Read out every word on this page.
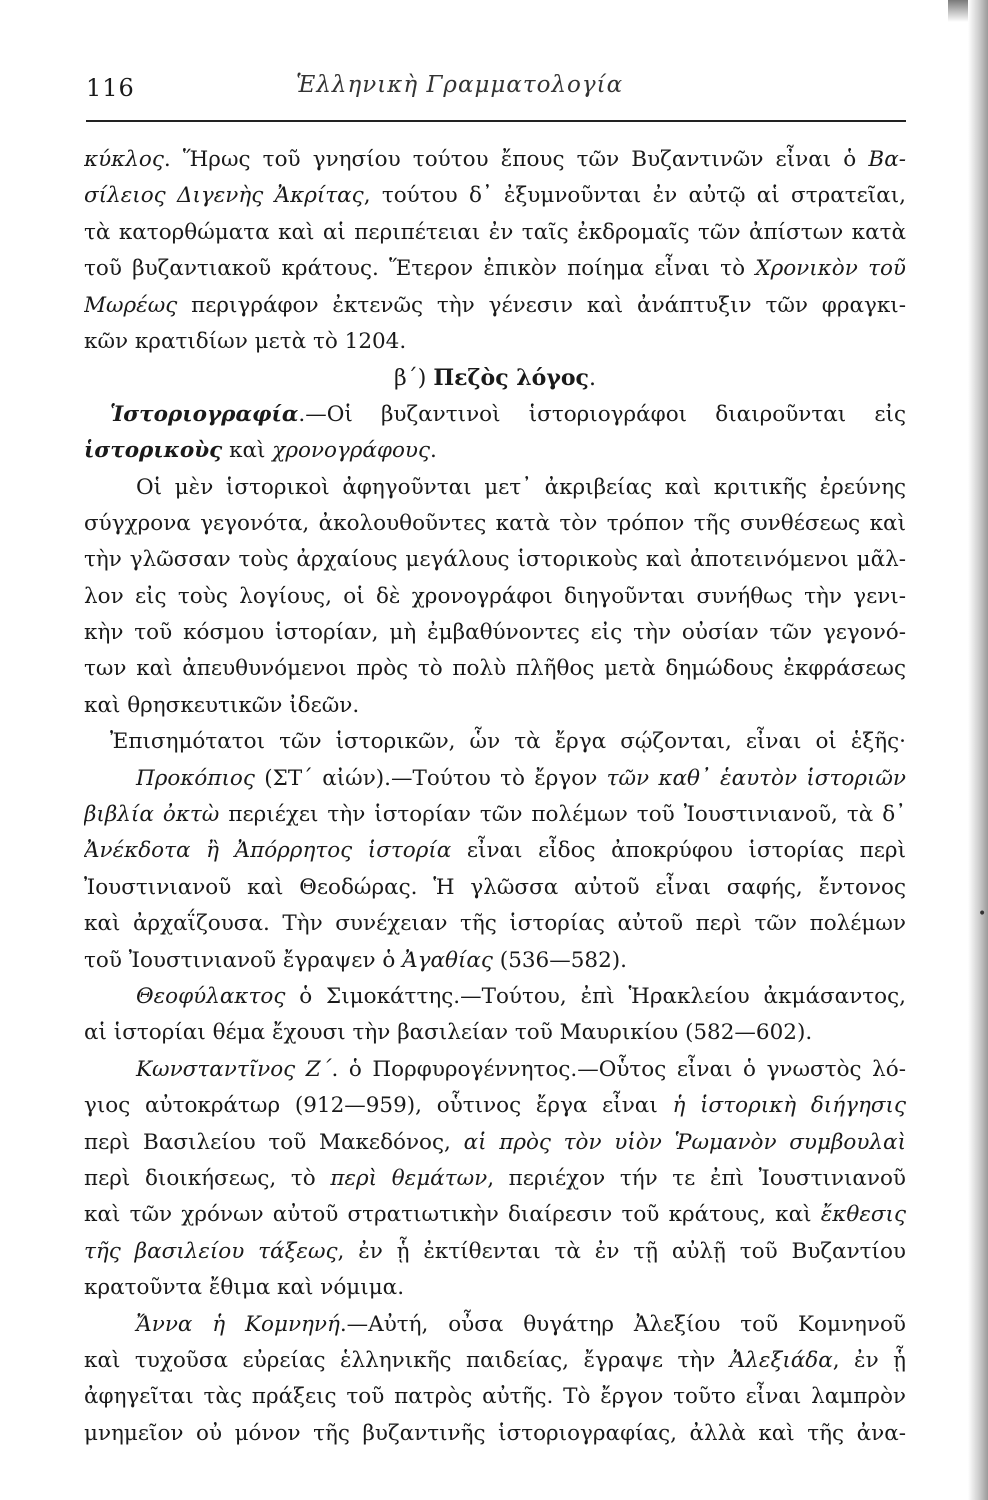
116	Ἑλληνικὴ Γραμματολογία
κύκλος. Ἥρως τοῦ γνησίου τούτου ἔπους τῶν Βυζαντινῶν εἶναι ὁ Βα-
σίλειος Διγενὴς Ἀκρίτας, τούτου δ᾽ ἐξυμνοῦνται ἐν αὐτῷ αἱ στρατεῖαι,
τὰ κατορθώματα καὶ αἱ περιπέτειαι ἐν ταῖς ἐκδρομαῖς τῶν ἀπίστων κατὰ
τοῦ βυζαντιακοῦ κράτους. Ἕτερον ἐπικὸν ποίημα εἶναι τὸ Χρονικὸν τοῦ
Μωρέως περιγράφον ἐκτενῶς τὴν γένεσιν καὶ ἀνάπτυξιν τῶν φραγκι-
κῶν κρατιδίων μετὰ τὸ 1204.
β΄) Πεζὸς λόγος.
Ἱστοριογραφία.—Οἱ βυζαντινοὶ ἱστοριογράφοι διαιροῦνται εἰς
ἱστορικοὺς καὶ χρονογράφους.
Οἱ μὲν ἱστορικοὶ ἀφηγοῦνται μετ᾽ ἀκριβείας καὶ κριτικῆς ἐρεύνης
σύγχρονα γεγονότα, ἀκολουθοῦντες κατὰ τὸν τρόπον τῆς συνθέσεως καὶ
τὴν γλῶσσαν τοὺς ἀρχαίους μεγάλους ἱστορικοὺς καὶ ἀποτεινόμενοι μᾶλ-
λον εἰς τοὺς λογίους, οἱ δὲ χρονογράφοι διηγοῦνται συνήθως τὴν γενι-
κὴν τοῦ κόσμου ἱστορίαν, μὴ ἐμβαθύνοντες εἰς τὴν οὐσίαν τῶν γεγονό-
των καὶ ἀπευθυνόμενοι πρὸς τὸ πολὺ πλῆθος μετὰ δημώδους ἐκφράσεως
καὶ θρησκευτικῶν ἰδεῶν.
Ἐπισημότατοι τῶν ἱστορικῶν, ὧν τὰ ἔργα σῴζονται, εἶναι οἱ ἑξῆς·
Προκόπιος (ΣΤ΄ αἰών).—Τούτου τὸ ἔργον τῶν καθ᾽ ἑαυτὸν ἱστοριῶν
βιβλία ὀκτὼ περιέχει τὴν ἱστορίαν τῶν πολέμων τοῦ Ἰουστινιανοῦ, τὰ δ᾽
Ἀνέκδοτα ἢ Ἀπόρρητος ἱστορία εἶναι εἶδος ἀποκρύφου ἱστορίας περὶ
Ἰουστινιανοῦ καὶ Θεοδώρας. Ἡ γλῶσσα αὐτοῦ εἶναι σαφής, ἔντονος
καὶ ἀρχαΐζουσα. Τὴν συνέχειαν τῆς ἱστορίας αὐτοῦ περὶ τῶν πολέμων
τοῦ Ἰουστινιανοῦ ἔγραψεν ὁ Ἀγαθίας (536—582).
Θεοφύλακτος ὁ Σιμοκάττης.—Τούτου, ἐπὶ Ἡρακλείου ἀκμάσαντος,
αἱ ἱστορίαι θέμα ἔχουσι τὴν βασιλείαν τοῦ Μαυρικίου (582—602).
Κωνσταντῖνος Ζ΄. ὁ Πορφυρογέννητος.—Οὗτος εἶναι ὁ γνωστὸς λό-
γιος αὐτοκράτωρ (912—959), οὗτινος ἔργα εἶναι ἡ ἱστορικὴ διήγησις
περὶ Βασιλείου τοῦ Μακεδόνος, αἱ πρὸς τὸν υἱὸν Ῥωμανὸν συμβουλαὶ
περὶ διοικήσεως, τὸ περὶ θεμάτων, περιέχον τήν τε ἐπὶ Ἰουστινιανοῦ
καὶ τῶν χρόνων αὐτοῦ στρατιωτικὴν διαίρεσιν τοῦ κράτους, καὶ ἔκθεσις
τῆς βασιλείου τάξεως, ἐν ᾗ ἐκτίθενται τὰ ἐν τῇ αὐλῇ τοῦ Βυζαντίου
κρατοῦντα ἔθιμα καὶ νόμιμα.
Ἄννα ἡ Κομνηνή.—Αὐτή, οὖσα θυγάτηρ Ἀλεξίου τοῦ Κομνηνοῦ
καὶ τυχοῦσα εὐρείας ἑλληνικῆς παιδείας, ἔγραψε τὴν Ἀλεξιάδα, ἐν ᾗ
ἀφηγεῖται τὰς πράξεις τοῦ πατρὸς αὐτῆς. Τὸ ἔργον τοῦτο εἶναι λαμπρὸν
μνημεῖον οὐ μόνον τῆς βυζαντινῆς ἱστοριογραφίας, ἀλλὰ καὶ τῆς ἀνα-
•
